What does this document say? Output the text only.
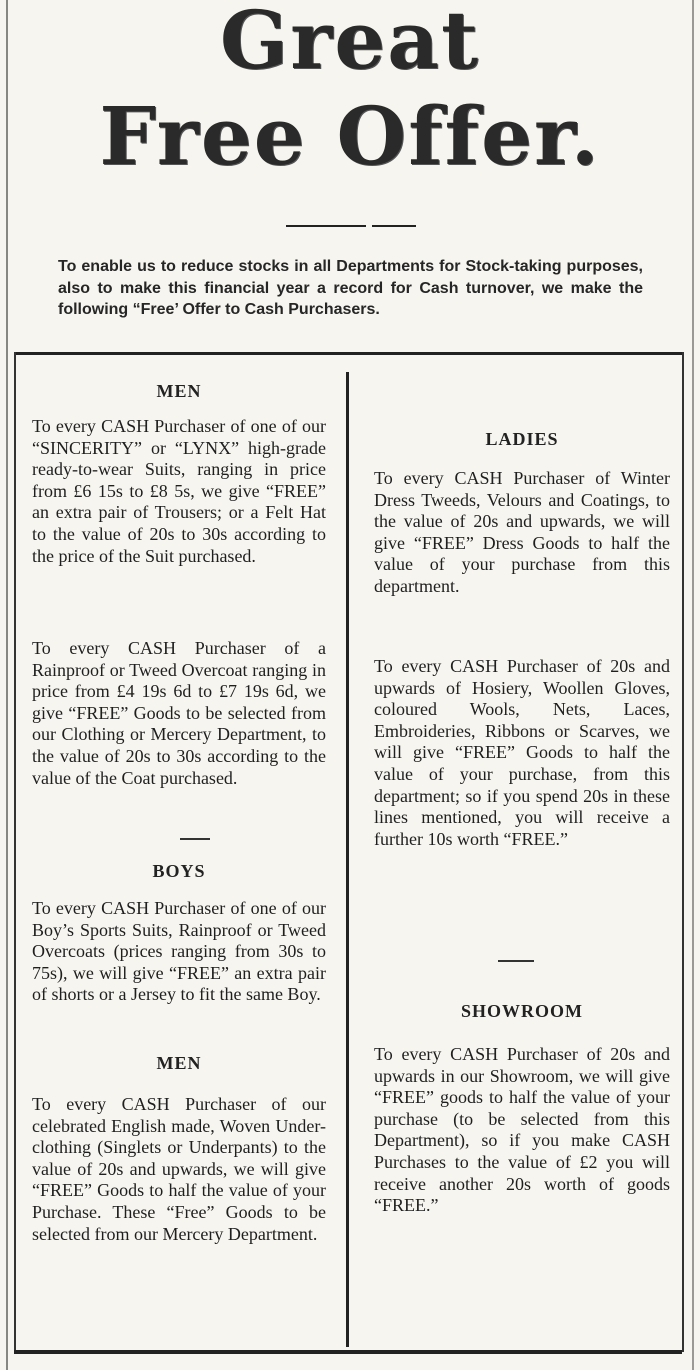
Great
Free Offer.
To enable us to reduce stocks in all Departments for Stock-taking purposes, also to make this financial year a record for Cash turnover, we make the following “Free’ Offer to Cash Purchasers.
MEN
To every CASH Purchaser of one of our “SINCERITY” or “LYNX” high-grade ready-to-wear Suits, ranging in price from £6 15s to £8 5s, we give “FREE” an extra pair of Trousers; or a Felt Hat to the value of 20s to 30s according to the price of the Suit purchased.
To every CASH Purchaser of a Rainproof or Tweed Overcoat ranging in price from £4 19s 6d to £7 19s 6d, we give “FREE” Goods to be selected from our Clothing or Mercery Department, to the value of 20s to 30s according to the value of the Coat purchased.
BOYS
To every CASH Purchaser of one of our Boy’s Sports Suits, Rainproof or Tweed Overcoats (prices ranging from 30s to 75s), we will give “FREE” an extra pair of shorts or a Jersey to fit the same Boy.
MEN
To every CASH Purchaser of our celebrated English made, Woven Under-clothing (Singlets or Underpants) to the value of 20s and upwards, we will give “FREE” Goods to half the value of your Purchase. These “Free” Goods to be selected from our Mercery Department.
LADIES
To every CASH Purchaser of Winter Dress Tweeds, Velours and Coatings, to the value of 20s and upwards, we will give “FREE” Dress Goods to half the value of your purchase from this department.
To every CASH Purchaser of 20s and upwards of Hosiery, Woollen Gloves, coloured Wools, Nets, Laces, Embroideries, Ribbons or Scarves, we will give “FREE” Goods to half the value of your purchase, from this department; so if you spend 20s in these lines mentioned, you will receive a further 10s worth “FREE.”
SHOWROOM
To every CASH Purchaser of 20s and upwards in our Showroom, we will give “FREE” goods to half the value of your purchase (to be selected from this Department), so if you make CASH Purchases to the value of £2 you will receive another 20s worth of goods “FREE.”
